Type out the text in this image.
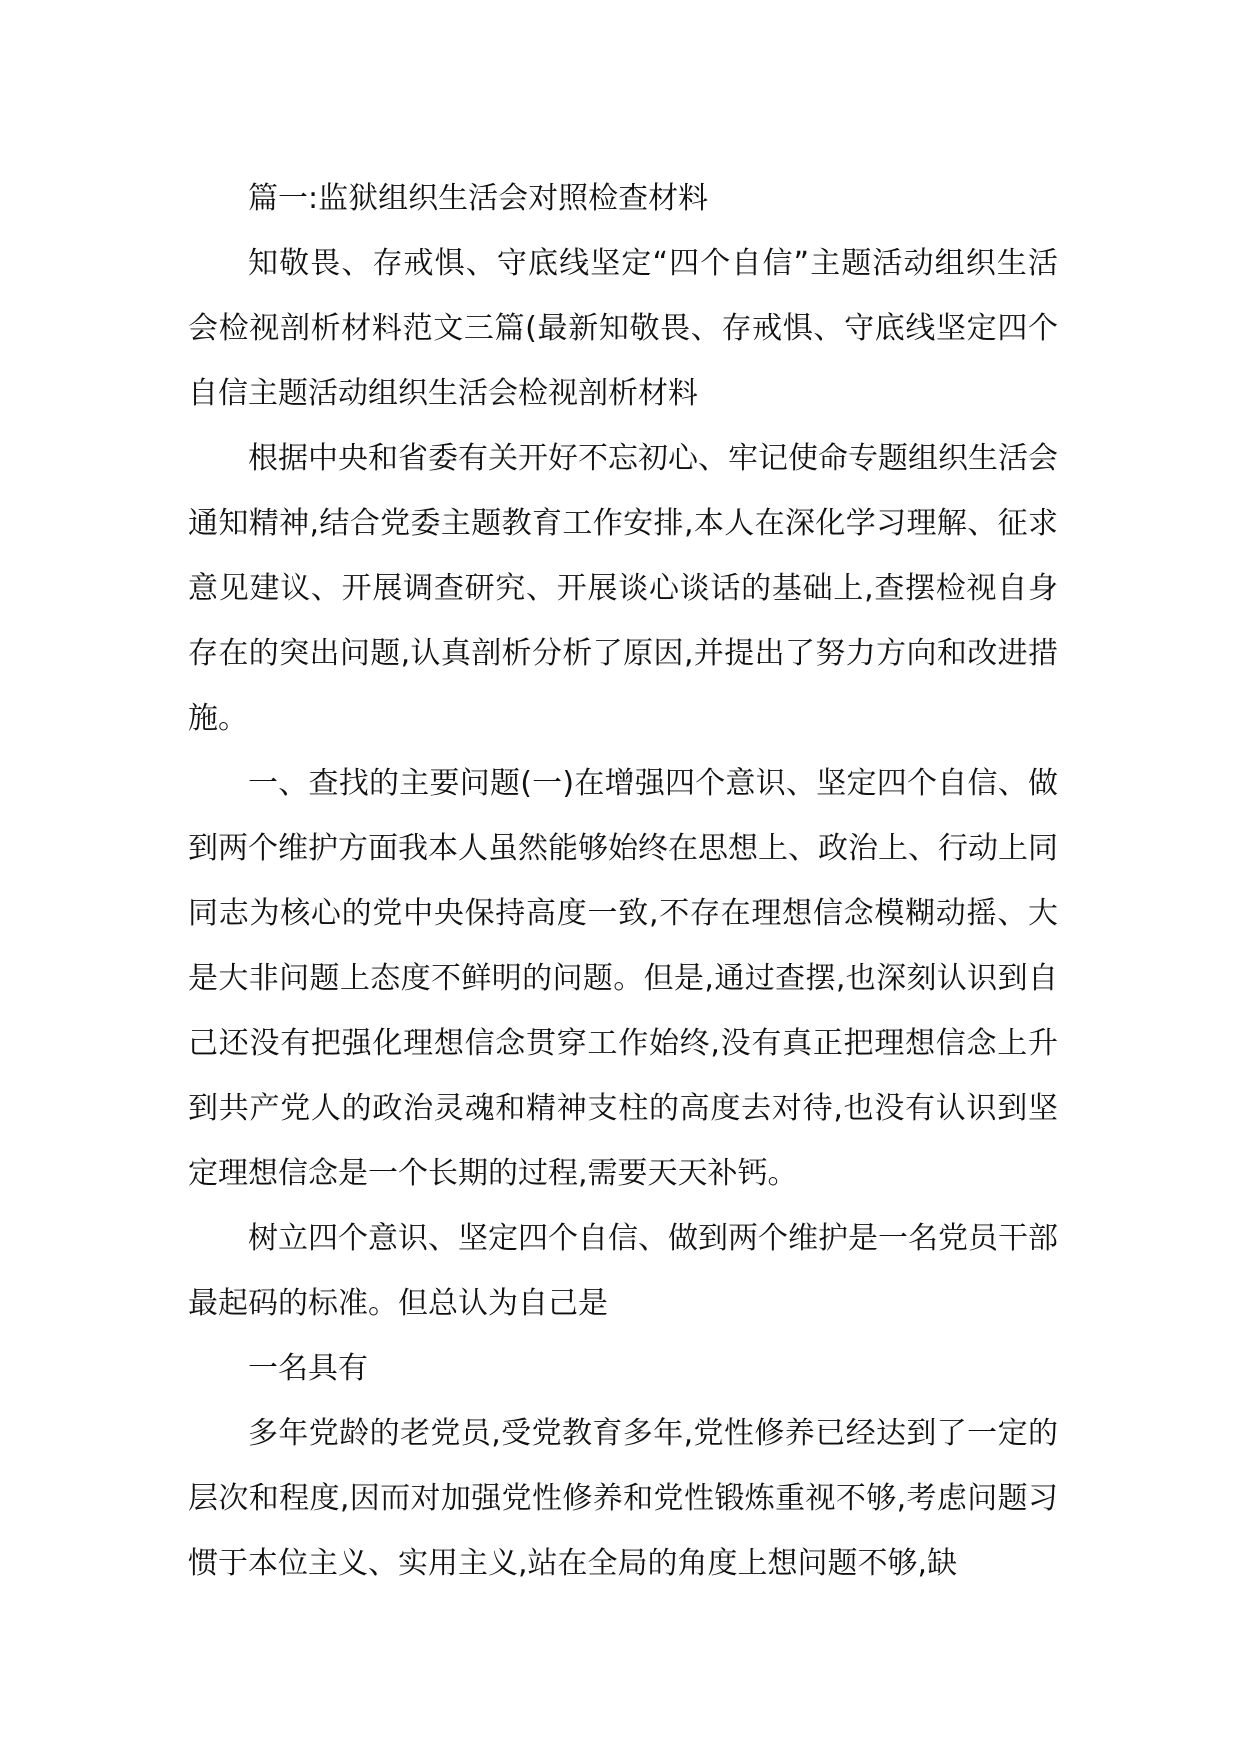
篇一:监狱组织生活会对照检查材料

知敬畏、存戒惧、守底线坚定“四个自信”主题活动组织生活会检视剖析材料范文三篇(最新知敬畏、存戒惧、守底线坚定四个自信主题活动组织生活会检视剖析材料

根据中央和省委有关开好不忘初心、牢记使命专题组织生活会通知精神,结合党委主题教育工作安排,本人在深化学习理解、征求意见建议、开展调查研究、开展谈心谈话的基础上,查摆检视自身存在的突出问题,认真剖析分析了原因,并提出了努力方向和改进措施。

一、查找的主要问题(一)在增强四个意识、坚定四个自信、做到两个维护方面我本人虽然能够始终在思想上、政治上、行动上同同志为核心的党中央保持高度一致,不存在理想信念模糊动摇、大是大非问题上态度不鲜明的问题。但是,通过查摆,也深刻认识到自己还没有把强化理想信念贯穿工作始终,没有真正把理想信念上升到共产党人的政治灵魂和精神支柱的高度去对待,也没有认识到坚定理想信念是一个长期的过程,需要天天补钙。

树立四个意识、坚定四个自信、做到两个维护是一名党员干部最起码的标准。但总认为自己是

一名具有

多年党龄的老党员,受党教育多年,党性修养已经达到了一定的层次和程度,因而对加强党性修养和党性锻炼重视不够,考虑问题习惯于本位主义、实用主义,站在全局的角度上想问题不够,缺
